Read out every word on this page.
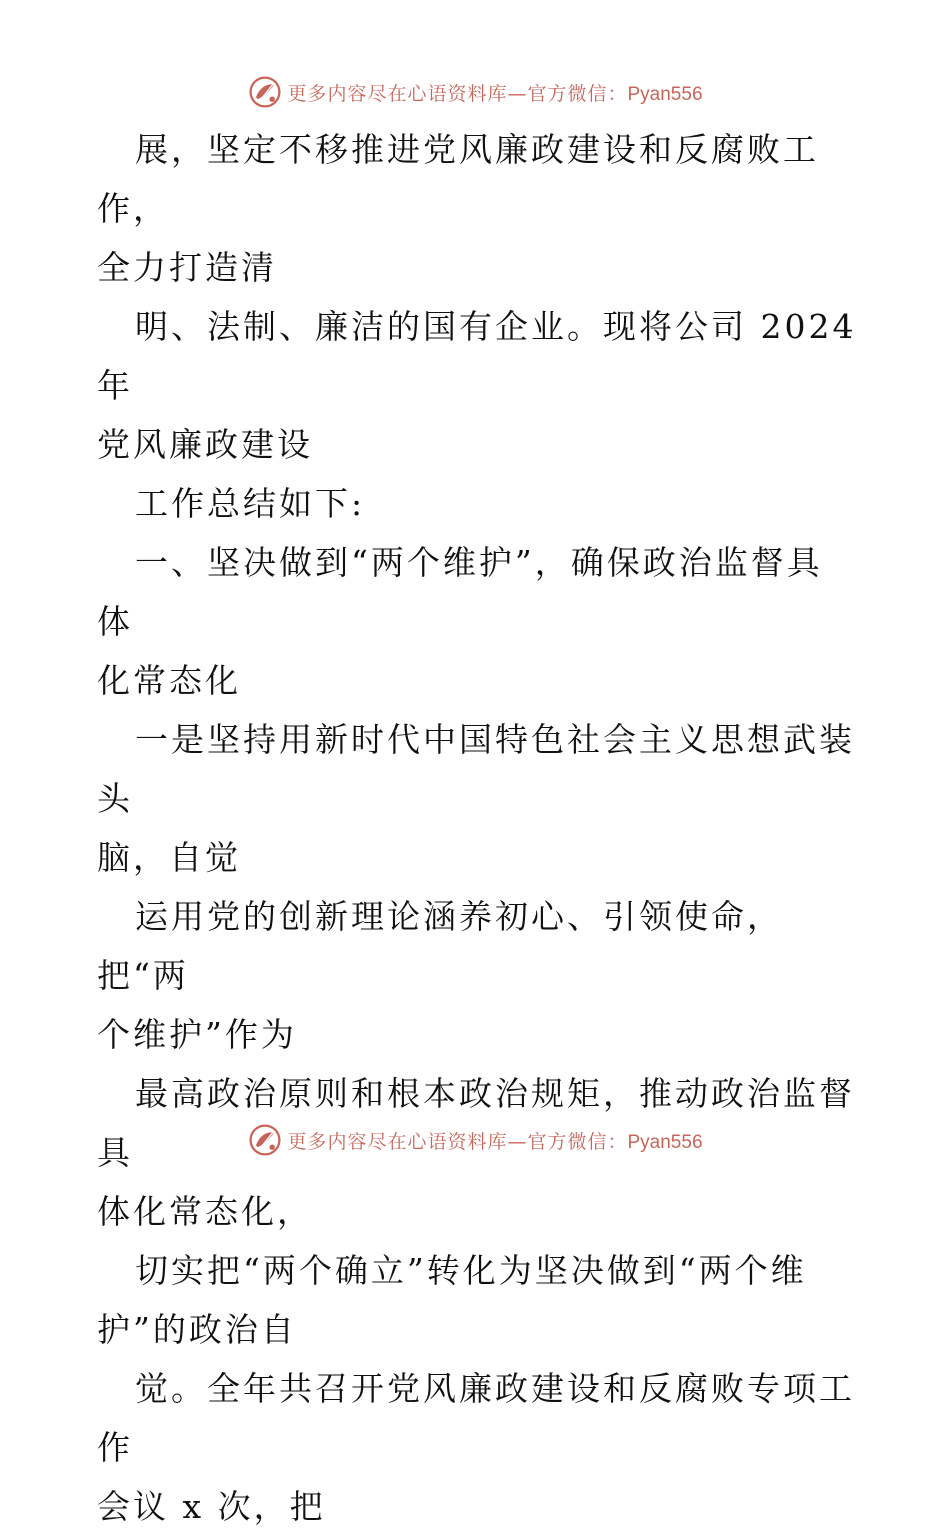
更多内容尽在心语资料库—官方微信：Pyan556

展，坚定不移推进党风廉政建设和反腐败工作，
全力打造清

明、法制、廉洁的国有企业。现将公司 2024 年
党风廉政建设

工作总结如下:

一、坚决做到“两个维护”，确保政治监督具体
化常态化

一是坚持用新时代中国特色社会主义思想武装头
脑，自觉

运用党的创新理论涵养初心、引领使命，把“两
个维护”作为

最高政治原则和根本政治规矩，推动政治监督具
体化常态化，

切实把“两个确立”转化为坚决做到“两个维
护”的政治自

觉。全年共召开党风廉政建设和反腐败专项工作
会议 x 次，把

更多内容尽在心语资料库—官方微信：Pyan556
